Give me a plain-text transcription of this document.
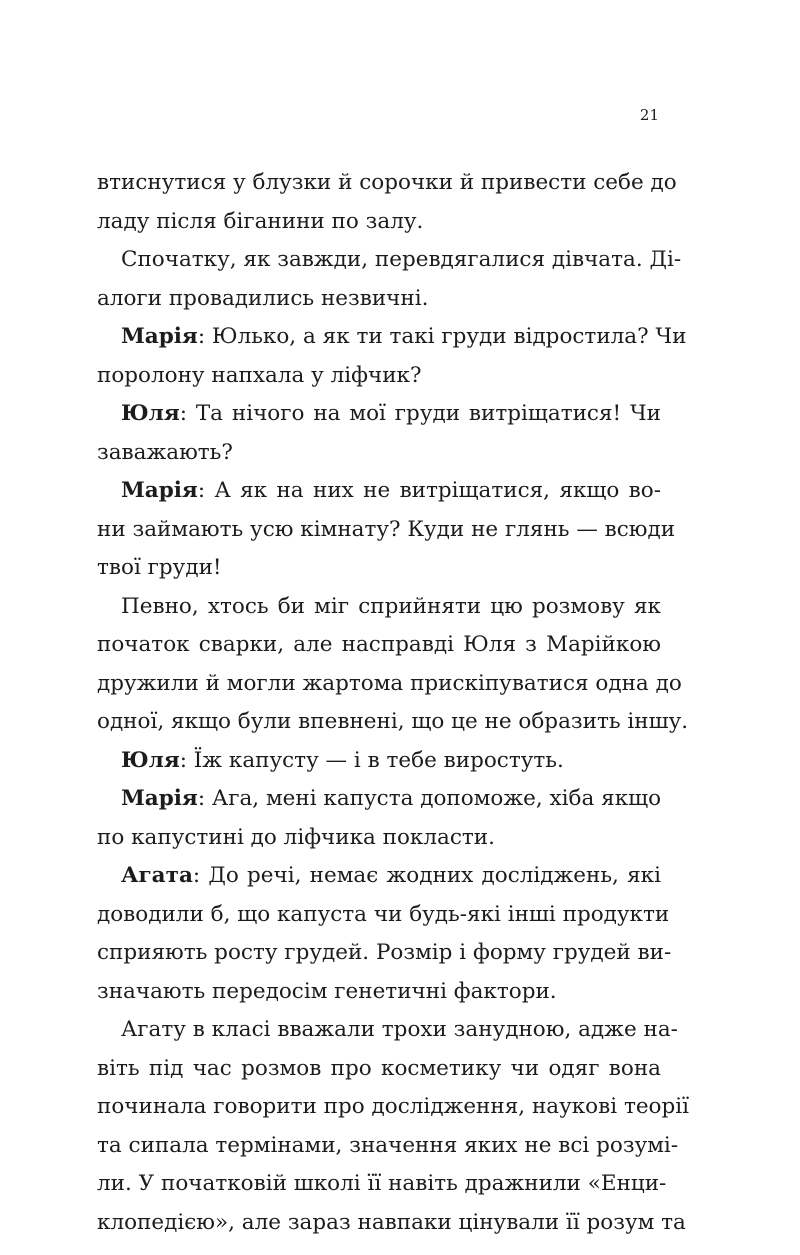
21
втиснутися у блузки й сорочки й привести себе до
ладу після біганини по залу.
Спочатку, як завжди, перевдягалися дівчата. Ді-
алоги провадились незвичні.
Марія: Юлько, а як ти такі груди відростила? Чи
поролону напхала у ліфчик?
Юля: Та нічого на мої груди витріщатися! Чи
заважають?
Марія: А як на них не витріщатися, якщо во-
ни займають усю кімнату? Куди не глянь — всюди
твої груди!
Певно, хтось би міг сприйняти цю розмову як
початок сварки, але насправді Юля з Марійкою
дружили й могли жартома прискіпуватися одна до
одної, якщо були впевнені, що це не образить іншу.
Юля: Їж капусту — і в тебе виростуть.
Марія: Ага, мені капуста допоможе, хіба якщо
по капустині до ліфчика покласти.
Агата: До речі, немає жодних досліджень, які
доводили б, що капуста чи будь-які інші продукти
сприяють росту грудей. Розмір і форму грудей ви-
значають передосім генетичні фактори.
Агату в класі вважали трохи занудною, адже на-
віть під час розмов про косметику чи одяг вона
починала говорити про дослідження, наукові теорії
та сипала термінами, значення яких не всі розумі-
ли. У початковій школі її навіть дражнили «Енци-
клопедією», але зараз навпаки цінували її розум та
